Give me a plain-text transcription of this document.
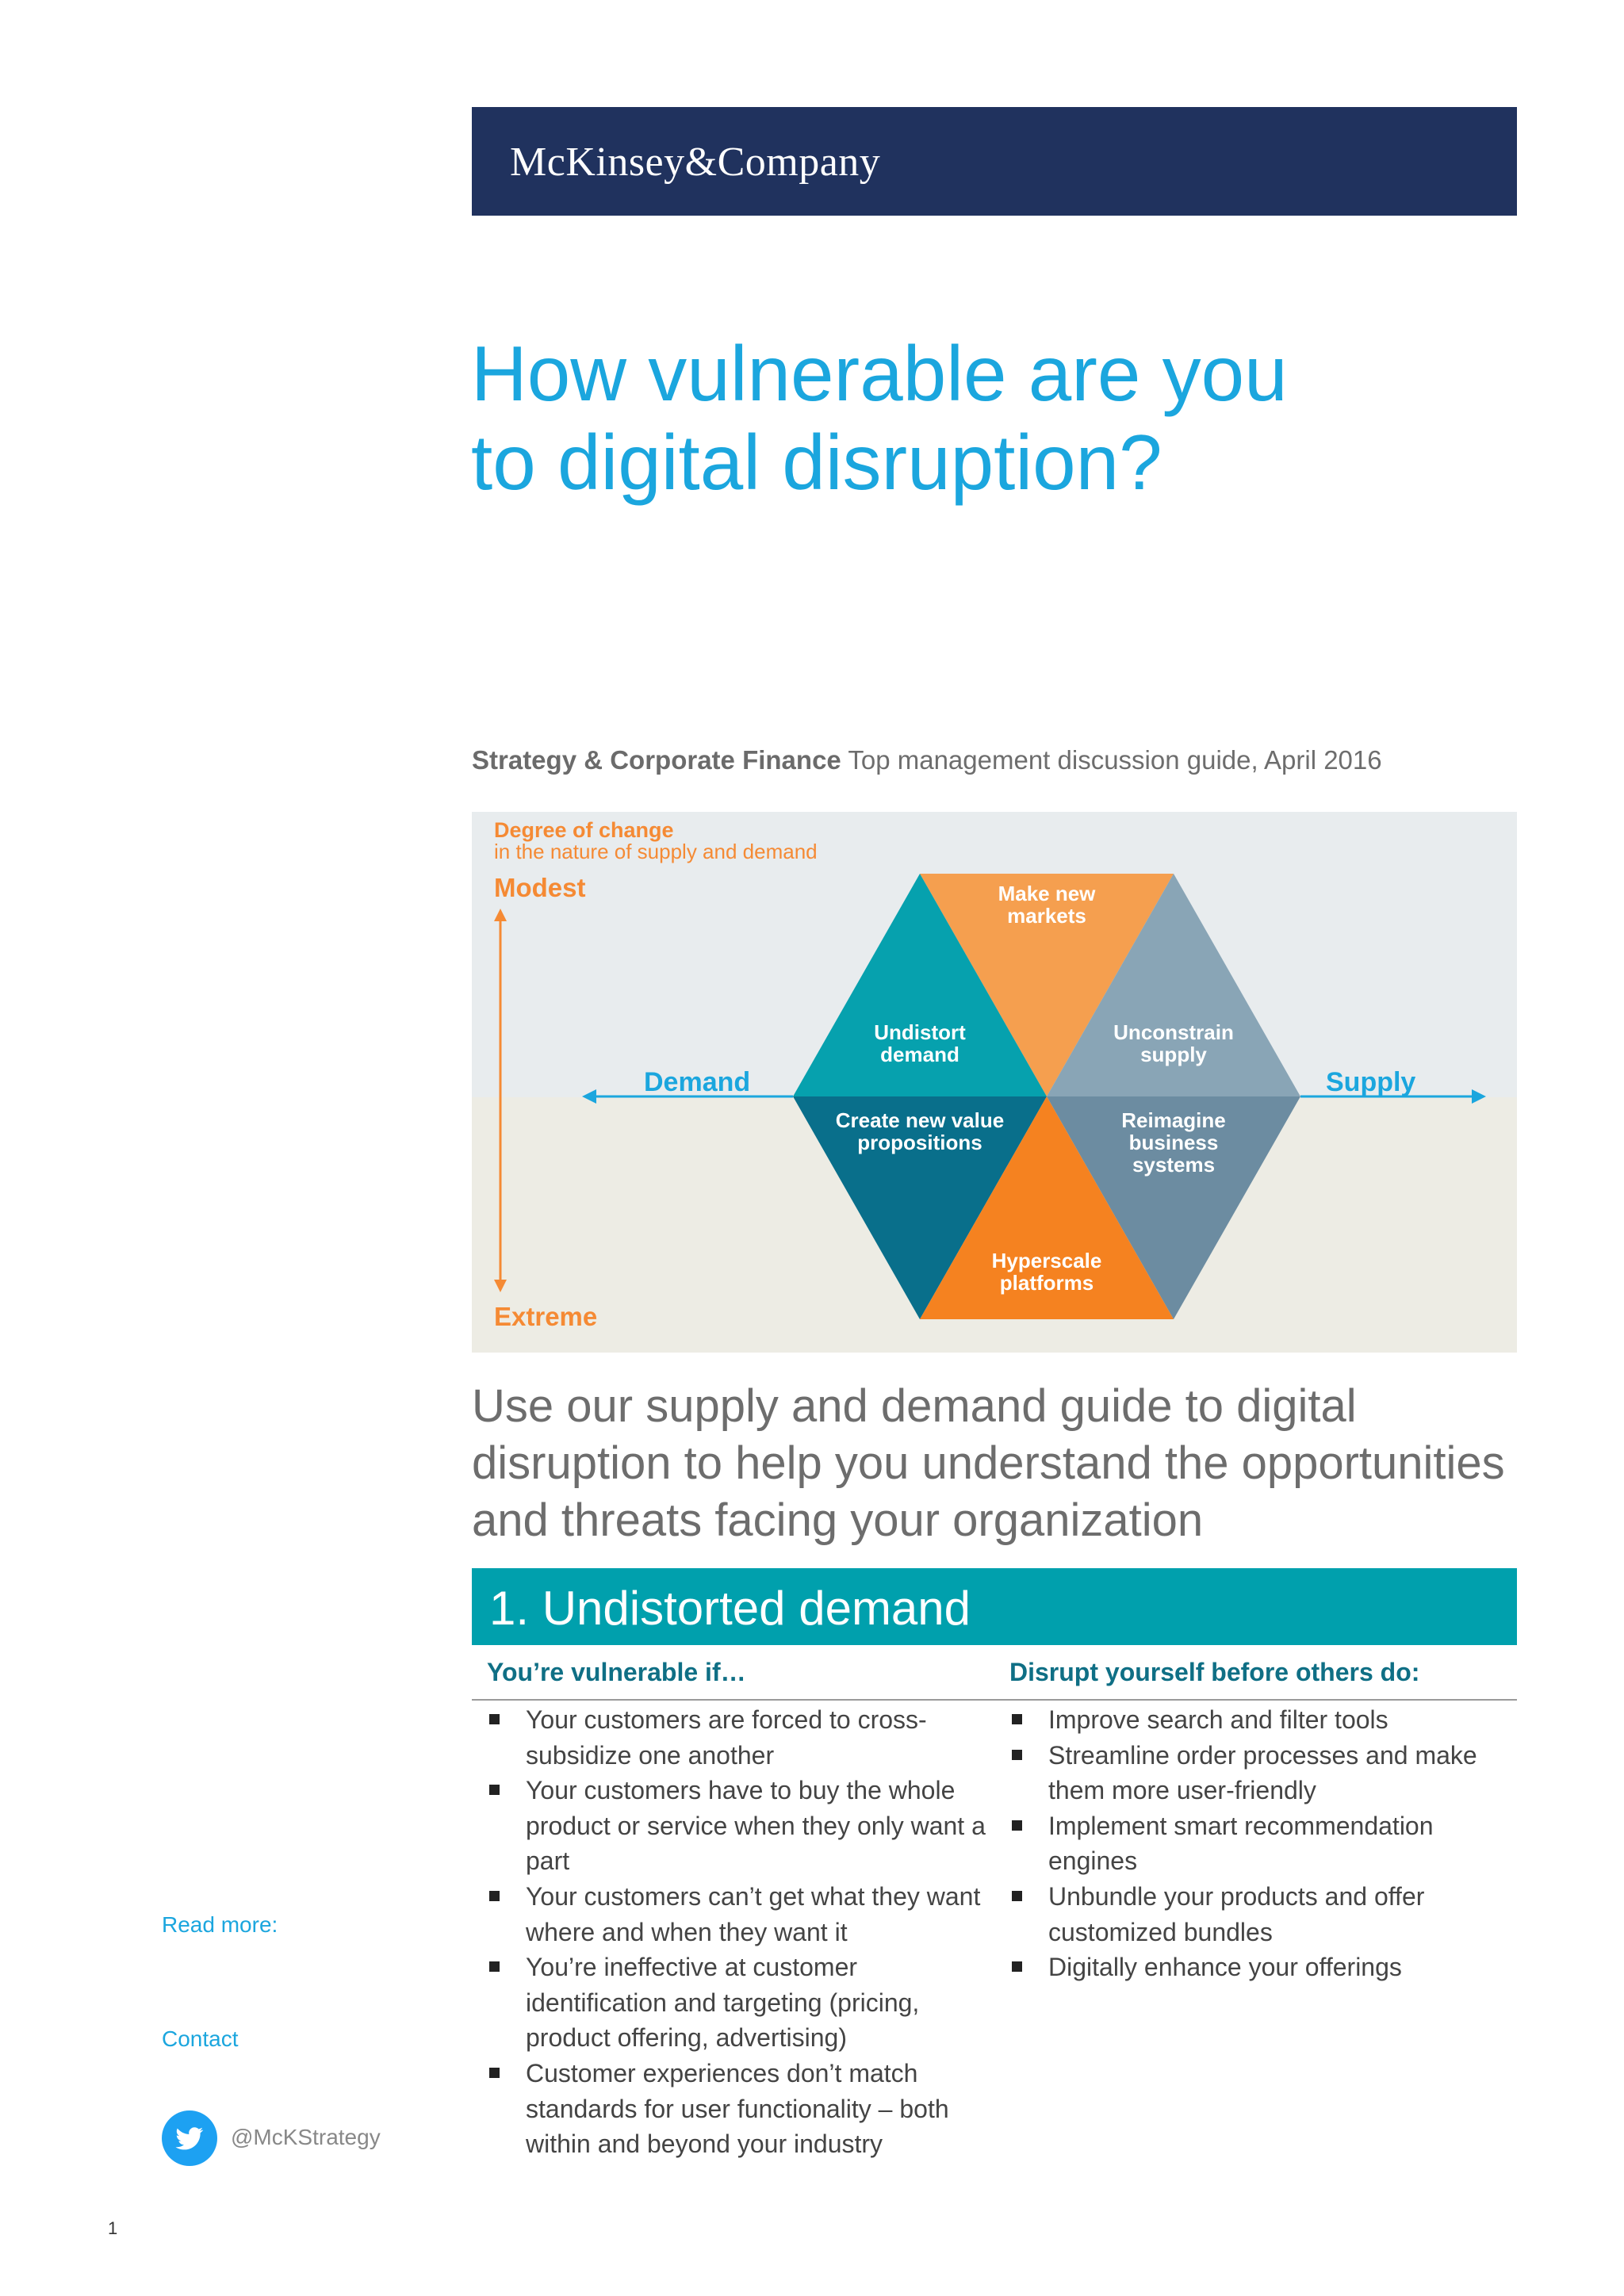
McKinsey&Company
How vulnerable are you
to digital disruption?
Strategy & Corporate Finance Top management discussion guide, April 2016
Degree of change
in the nature of supply and demand
Modest
Extreme
Demand	Supply
Make new markets
Undistort demand
Unconstrain supply
Create new value propositions
Reimagine business systems
Hyperscale platforms

Use our supply and demand guide to digital disruption to help you understand the opportunities and threats facing your organization

1. Undistorted demand
You’re vulnerable if…	Disrupt yourself before others do:
Your customers are forced to cross-subsidize one another
Your customers have to buy the whole product or service when they only want a part
Your customers can’t get what they want where and when they want it
You’re ineffective at customer identification and targeting (pricing, product offering, advertising)
Customer experiences don’t match standards for user functionality – both within and beyond your industry
Improve search and filter tools
Streamline order processes and make them more user-friendly
Implement smart recommendation engines
Unbundle your products and offer customized bundles
Digitally enhance your offerings
Read more:
Contact
@McKStrategy
1
